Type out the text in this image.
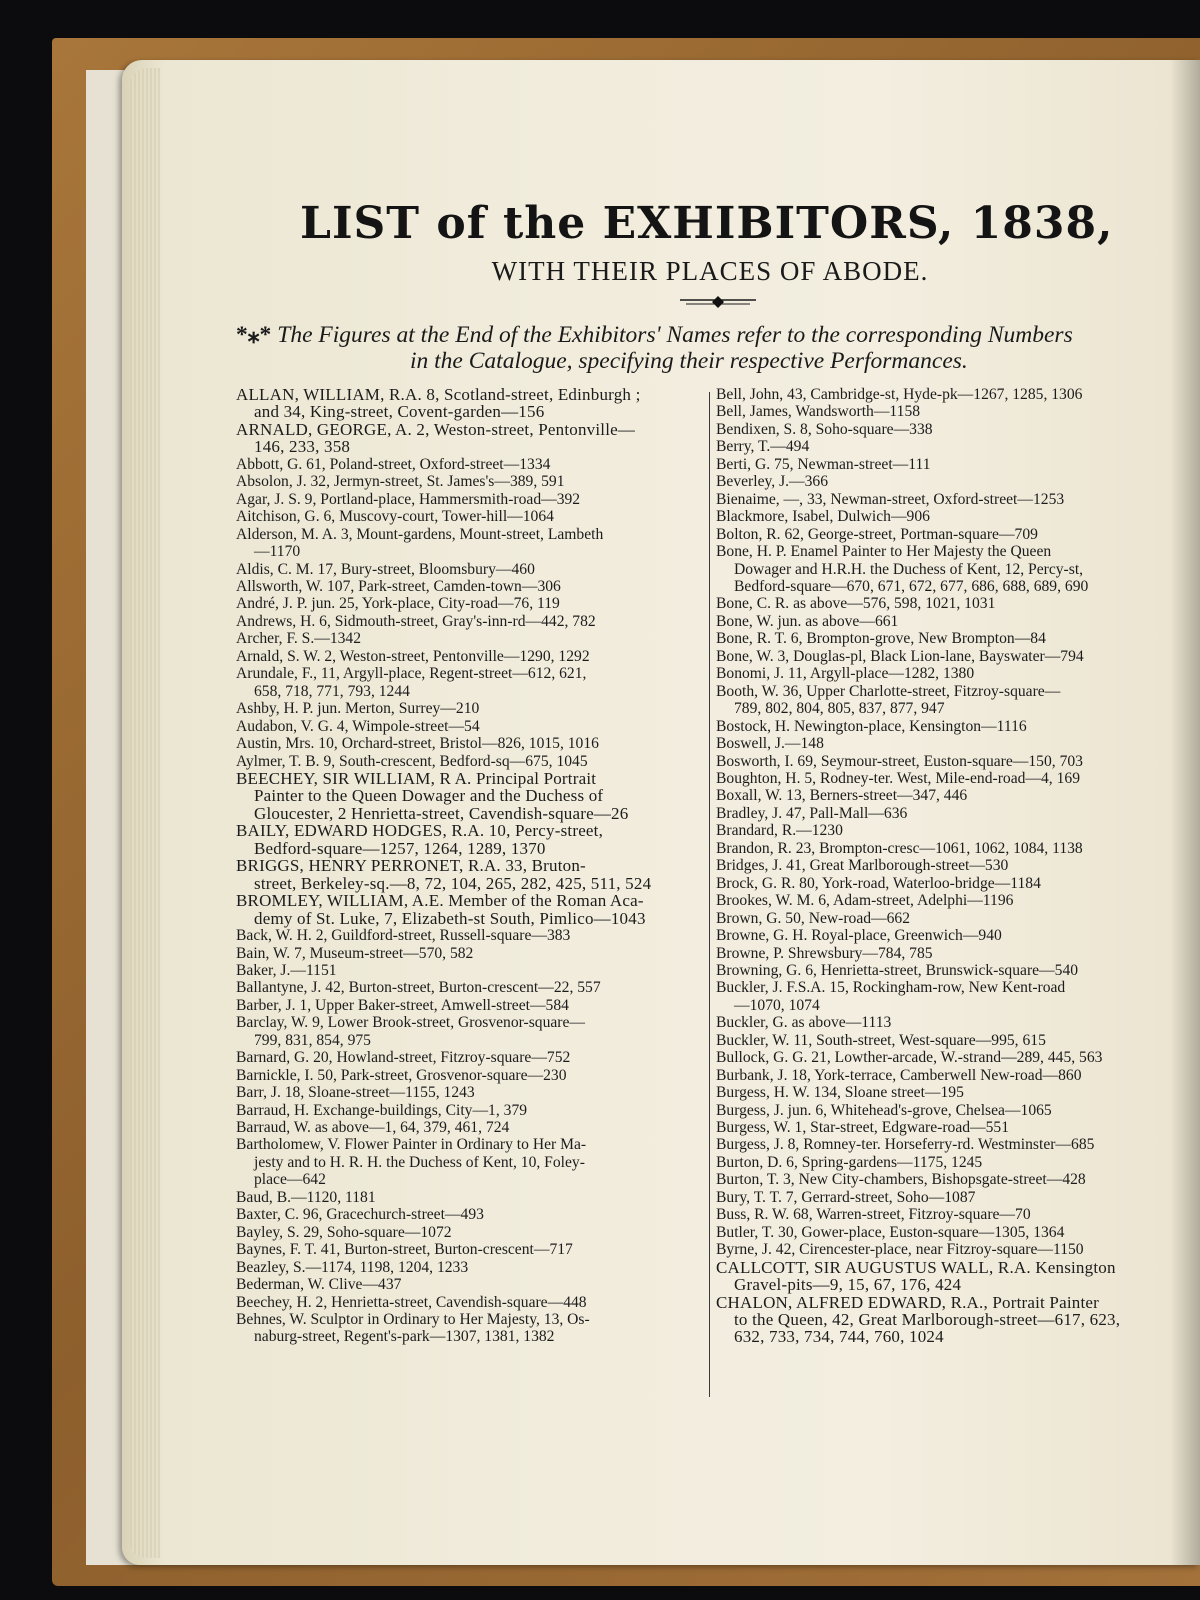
LIST of the EXHIBITORS, 1838,
WITH THEIR PLACES OF ABODE.
*⁎* The Figures at the End of the Exhibitors' Names refer to the corresponding Numbers
in the Catalogue, specifying their respective Performances.

ALLAN, WILLIAM, R.A. 8, Scotland-street, Edinburgh ;
and 34, King-street, Covent-garden—156

ARNALD, GEORGE, A. 2, Weston-street, Pentonville—
146, 233, 358

Abbott, G. 61, Poland-street, Oxford-street—1334

Absolon, J. 32, Jermyn-street, St. James's—389, 591

Agar, J. S. 9, Portland-place, Hammersmith-road—392

Aitchison, G. 6, Muscovy-court, Tower-hill—1064

Alderson, M. A. 3, Mount-gardens, Mount-street, Lambeth
—1170

Aldis, C. M. 17, Bury-street, Bloomsbury—460

Allsworth, W. 107, Park-street, Camden-town—306

André, J. P. jun. 25, York-place, City-road—76, 119

Andrews, H. 6, Sidmouth-street, Gray's-inn-rd—442, 782

Archer, F. S.—1342

Arnald, S. W. 2, Weston-street, Pentonville—1290, 1292

Arundale, F., 11, Argyll-place, Regent-street—612, 621,
658, 718, 771, 793, 1244

Ashby, H. P. jun. Merton, Surrey—210

Audabon, V. G. 4, Wimpole-street—54

Austin, Mrs. 10, Orchard-street, Bristol—826, 1015, 1016

Aylmer, T. B. 9, South-crescent, Bedford-sq—675, 1045

BEECHEY, SIR WILLIAM, R A. Principal Portrait
Painter to the Queen Dowager and the Duchess of
Gloucester, 2 Henrietta-street, Cavendish-square—26

BAILY, EDWARD HODGES, R.A. 10, Percy-street,
Bedford-square—1257, 1264, 1289, 1370

BRIGGS, HENRY PERRONET, R.A. 33, Bruton-
street, Berkeley-sq.—8, 72, 104, 265, 282, 425, 511, 524

BROMLEY, WILLIAM, A.E. Member of the Roman Aca-
demy of St. Luke, 7, Elizabeth-st South, Pimlico—1043

Back, W. H. 2, Guildford-street, Russell-square—383

Bain, W. 7, Museum-street—570, 582

Baker, J.—1151

Ballantyne, J. 42, Burton-street, Burton-crescent—22, 557

Barber, J. 1, Upper Baker-street, Amwell-street—584

Barclay, W. 9, Lower Brook-street, Grosvenor-square—
799, 831, 854, 975

Barnard, G. 20, Howland-street, Fitzroy-square—752

Barnickle, I. 50, Park-street, Grosvenor-square—230

Barr, J. 18, Sloane-street—1155, 1243

Barraud, H. Exchange-buildings, City—1, 379

Barraud, W. as above—1, 64, 379, 461, 724

Bartholomew, V. Flower Painter in Ordinary to Her Ma-
jesty and to H. R. H. the Duchess of Kent, 10, Foley-
place—642

Baud, B.—1120, 1181

Baxter, C. 96, Gracechurch-street—493

Bayley, S. 29, Soho-square—1072

Baynes, F. T. 41, Burton-street, Burton-crescent—717

Beazley, S.—1174, 1198, 1204, 1233

Bederman, W. Clive—437

Beechey, H. 2, Henrietta-street, Cavendish-square—448

Behnes, W. Sculptor in Ordinary to Her Majesty, 13, Os-
naburg-street, Regent's-park—1307, 1381, 1382

Bell, John, 43, Cambridge-st, Hyde-pk—1267, 1285, 1306

Bell, James, Wandsworth—1158

Bendixen, S. 8, Soho-square—338

Berry, T.—494

Berti, G. 75, Newman-street—111

Beverley, J.—366

Bienaime, —, 33, Newman-street, Oxford-street—1253

Blackmore, Isabel, Dulwich—906

Bolton, R. 62, George-street, Portman-square—709

Bone, H. P. Enamel Painter to Her Majesty the Queen
Dowager and H.R.H. the Duchess of Kent, 12, Percy-st,
Bedford-square—670, 671, 672, 677, 686, 688, 689, 690

Bone, C. R. as above—576, 598, 1021, 1031

Bone, W. jun. as above—661

Bone, R. T. 6, Brompton-grove, New Brompton—84

Bone, W. 3, Douglas-pl, Black Lion-lane, Bayswater—794

Bonomi, J. 11, Argyll-place—1282, 1380

Booth, W. 36, Upper Charlotte-street, Fitzroy-square—
789, 802, 804, 805, 837, 877, 947

Bostock, H. Newington-place, Kensington—1116

Boswell, J.—148

Bosworth, I. 69, Seymour-street, Euston-square—150, 703

Boughton, H. 5, Rodney-ter. West, Mile-end-road—4, 169

Boxall, W. 13, Berners-street—347, 446

Bradley, J. 47, Pall-Mall—636

Brandard, R.—1230

Brandon, R. 23, Brompton-cresc—1061, 1062, 1084, 1138

Bridges, J. 41, Great Marlborough-street—530

Brock, G. R. 80, York-road, Waterloo-bridge—1184

Brookes, W. M. 6, Adam-street, Adelphi—1196

Brown, G. 50, New-road—662

Browne, G. H. Royal-place, Greenwich—940

Browne, P. Shrewsbury—784, 785

Browning, G. 6, Henrietta-street, Brunswick-square—540

Buckler, J. F.S.A. 15, Rockingham-row, New Kent-road
—1070, 1074

Buckler, G. as above—1113

Buckler, W. 11, South-street, West-square—995, 615

Bullock, G. G. 21, Lowther-arcade, W.-strand—289, 445, 563

Burbank, J. 18, York-terrace, Camberwell New-road—860

Burgess, H. W. 134, Sloane street—195

Burgess, J. jun. 6, Whitehead's-grove, Chelsea—1065

Burgess, W. 1, Star-street, Edgware-road—551

Burgess, J. 8, Romney-ter. Horseferry-rd. Westminster—685

Burton, D. 6, Spring-gardens—1175, 1245

Burton, T. 3, New City-chambers, Bishopsgate-street—428

Bury, T. T. 7, Gerrard-street, Soho—1087

Buss, R. W. 68, Warren-street, Fitzroy-square—70

Butler, T. 30, Gower-place, Euston-square—1305, 1364

Byrne, J. 42, Cirencester-place, near Fitzroy-square—1150

CALLCOTT, SIR AUGUSTUS WALL, R.A. Kensington
Gravel-pits—9, 15, 67, 176, 424

CHALON, ALFRED EDWARD, R.A., Portrait Painter
to the Queen, 42, Great Marlborough-street—617, 623,
632, 733, 734, 744, 760, 1024
